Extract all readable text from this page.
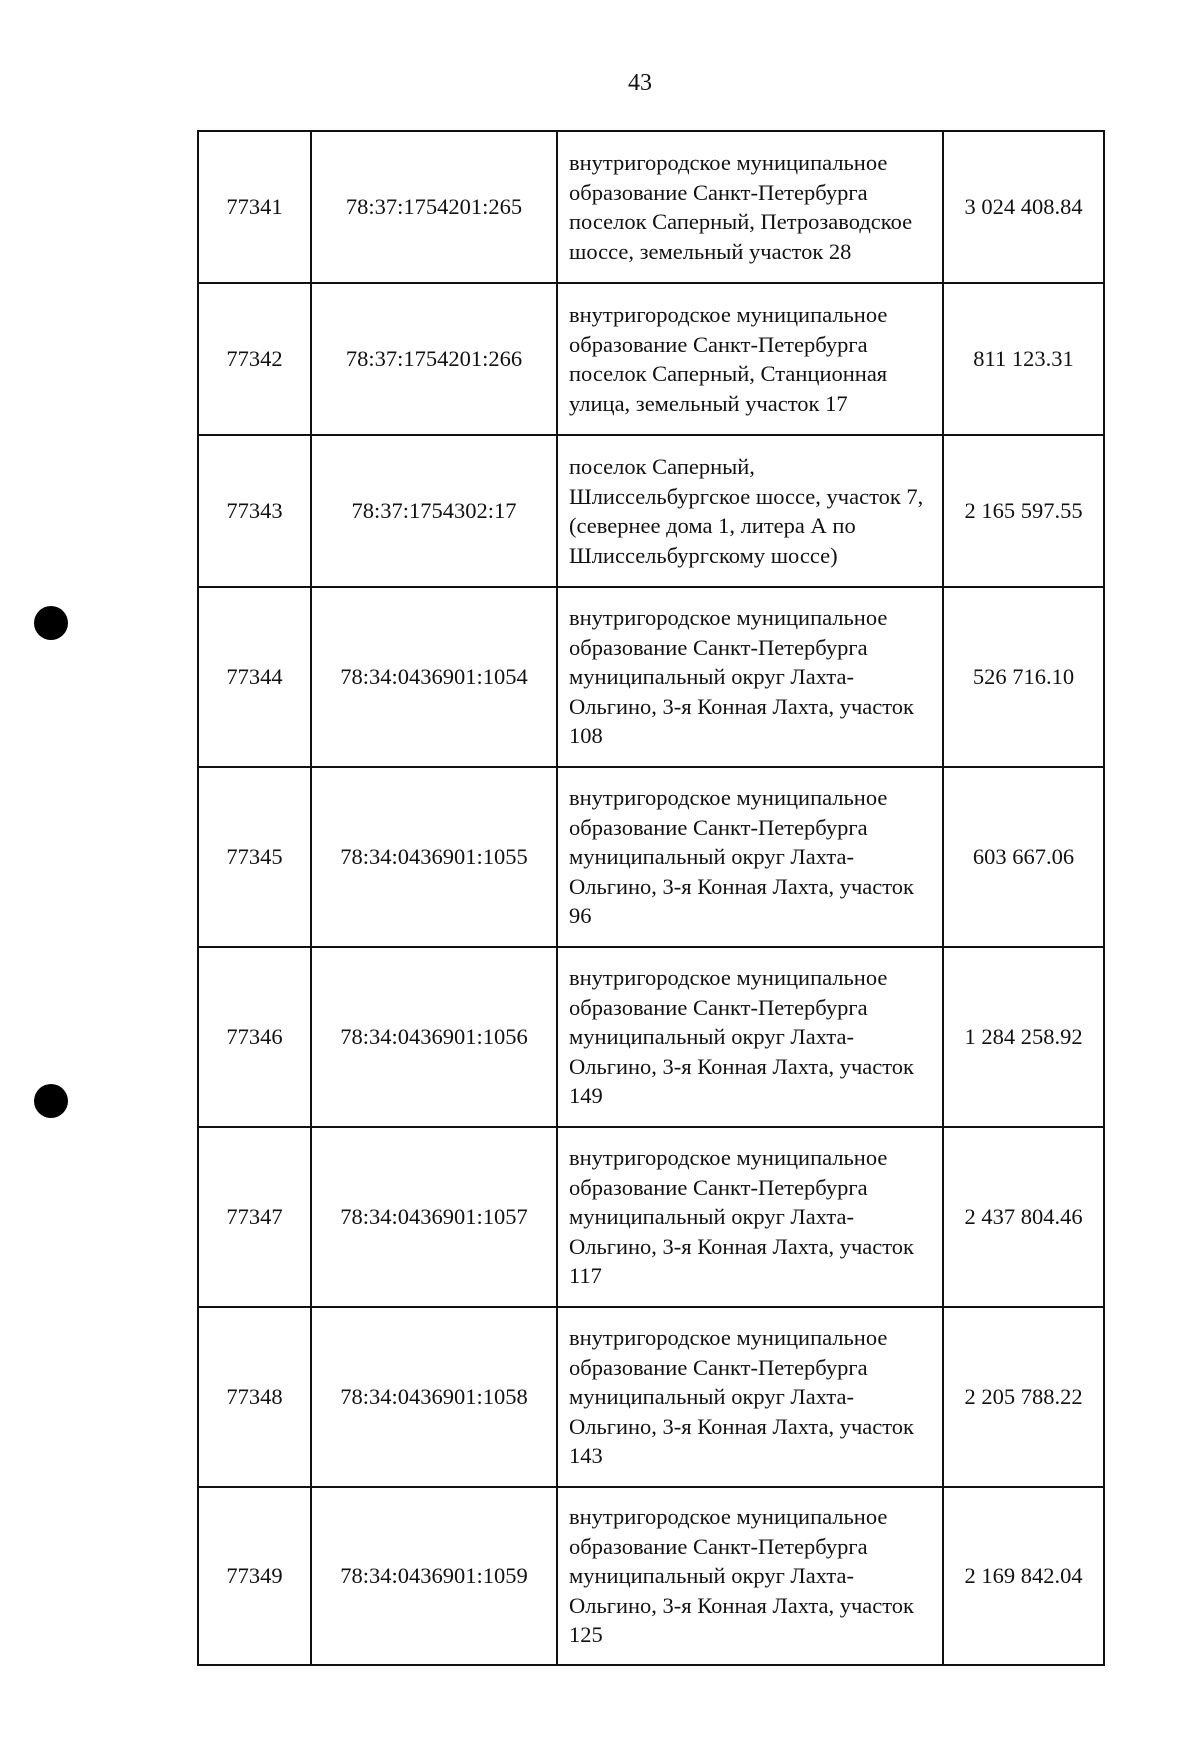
43
77341	78:37:1754201:265	внутригородское муниципальное образование Санкт-Петербурга поселок Саперный, Петрозаводское шоссе, земельный участок 28	3 024 408.84
77342	78:37:1754201:266	внутригородское муниципальное образование Санкт-Петербурга поселок Саперный, Станционная улица, земельный участок 17	811 123.31
77343	78:37:1754302:17	поселок Саперный, Шлиссельбургское шоссе, участок 7, (севернее дома 1, литера А по Шлиссельбургскому шоссе)	2 165 597.55
77344	78:34:0436901:1054	внутригородское муниципальное образование Санкт-Петербурга муниципальный округ Лахта-Ольгино, 3-я Конная Лахта, участок 108	526 716.10
77345	78:34:0436901:1055	внутригородское муниципальное образование Санкт-Петербурга муниципальный округ Лахта-Ольгино, 3-я Конная Лахта, участок 96	603 667.06
77346	78:34:0436901:1056	внутригородское муниципальное образование Санкт-Петербурга муниципальный округ Лахта-Ольгино, 3-я Конная Лахта, участок 149	1 284 258.92
77347	78:34:0436901:1057	внутригородское муниципальное образование Санкт-Петербурга муниципальный округ Лахта-Ольгино, 3-я Конная Лахта, участок 117	2 437 804.46
77348	78:34:0436901:1058	внутригородское муниципальное образование Санкт-Петербурга муниципальный округ Лахта-Ольгино, 3-я Конная Лахта, участок 143	2 205 788.22
77349	78:34:0436901:1059	внутригородское муниципальное образование Санкт-Петербурга муниципальный округ Лахта-Ольгино, 3-я Конная Лахта, участок 125	2 169 842.04
